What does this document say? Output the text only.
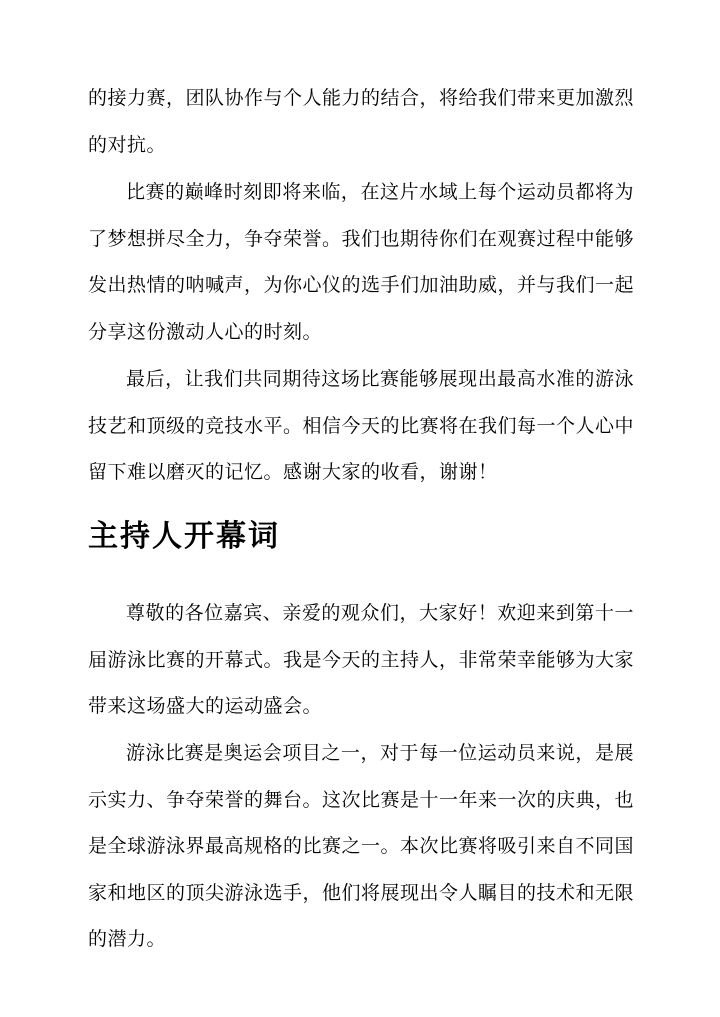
的接力赛，团队协作与个人能力的结合，将给我们带来更加激烈的对抗。

比赛的巅峰时刻即将来临，在这片水域上每个运动员都将为了梦想拼尽全力，争夺荣誉。我们也期待你们在观赛过程中能够发出热情的呐喊声，为你心仪的选手们加油助威，并与我们一起分享这份激动人心的时刻。

最后，让我们共同期待这场比赛能够展现出最高水准的游泳技艺和顶级的竞技水平。相信今天的比赛将在我们每一个人心中留下难以磨灭的记忆。感谢大家的收看，谢谢！

主持人开幕词

尊敬的各位嘉宾、亲爱的观众们，大家好！欢迎来到第十一届游泳比赛的开幕式。我是今天的主持人，非常荣幸能够为大家带来这场盛大的运动盛会。

游泳比赛是奥运会项目之一，对于每一位运动员来说，是展示实力、争夺荣誉的舞台。这次比赛是十一年来一次的庆典，也是全球游泳界最高规格的比赛之一。本次比赛将吸引来自不同国家和地区的顶尖游泳选手，他们将展现出令人瞩目的技术和无限的潜力。
